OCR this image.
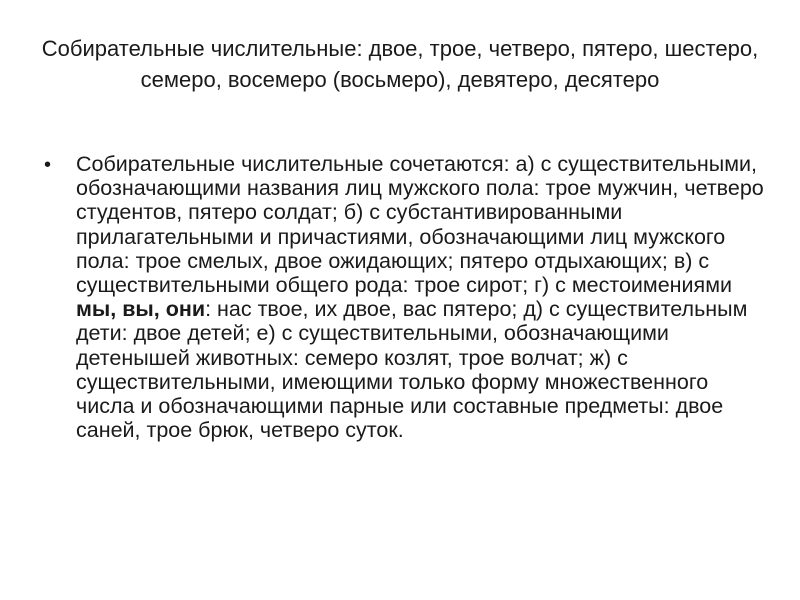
Собирательные числительные: двое, трое, четверо, пятеро, шестеро, семеро, восемеро (восьмеро), девятеро, десятеро
• Собирательные числительные сочетаются: а) с существительными, обозначающими названия лиц мужского пола: трое мужчин, четверо студентов, пятеро солдат; б) с субстантивированными прилагательными и причастиями, обозначающими лиц мужского пола: трое смелых, двое ожидающих; пятеро отдыхающих; в) с существительными общего рода: трое сирот; г) с местоимениями мы, вы, они: нас твое, их двое, вас пятеро; д) с существительным дети: двое детей; е) с существительными, обозначающими детенышей животных: семеро козлят, трое волчат; ж) с существительными, имеющими только форму множественного числа и обозначающими парные или составные предметы: двое саней, трое брюк, четверо суток.
